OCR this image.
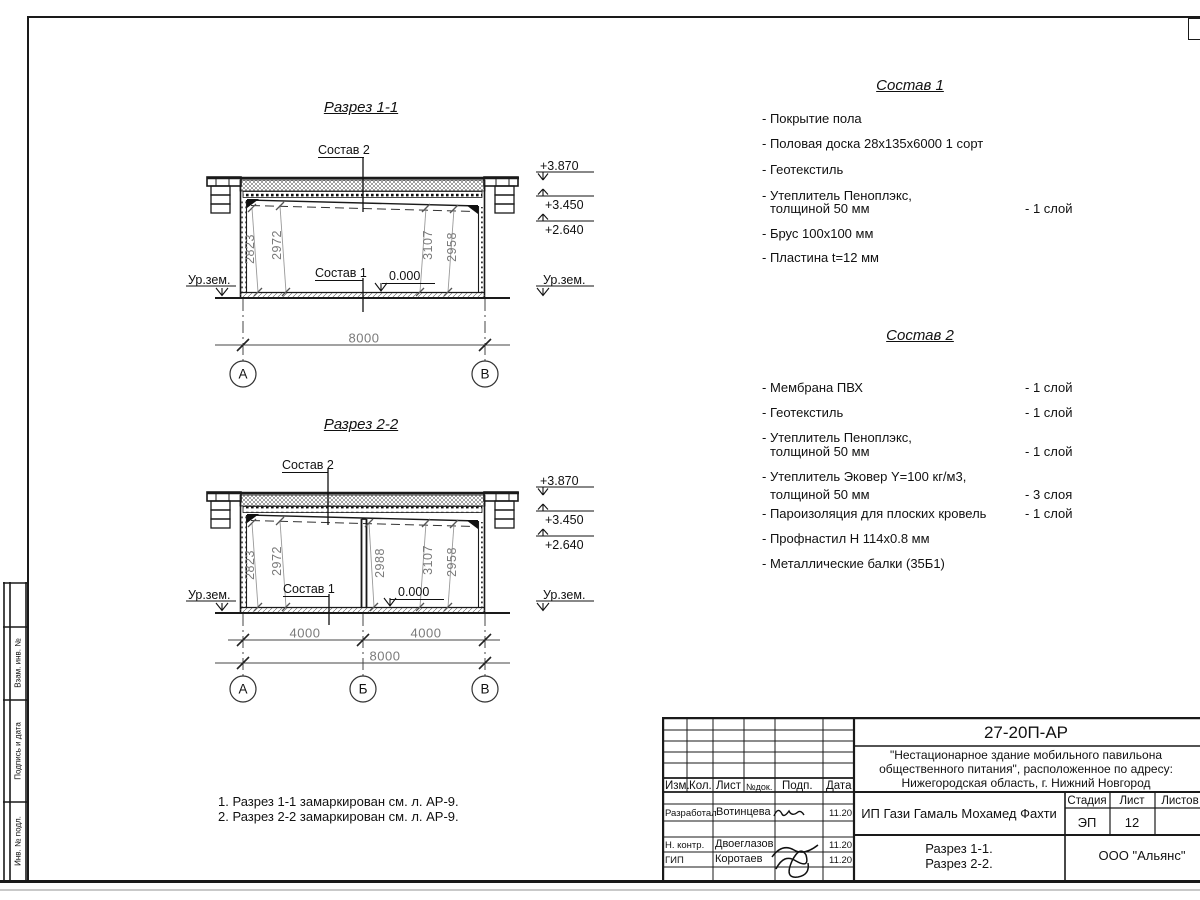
Разрез 1-1
Состав 2
Состав 1	0.000
+3.870
+3.450
+2.640
Ур.зем.	Ур.зем.
2823 2972	3107 2958
8000
А	В
Разрез 2-2
Состав 2
Состав 1	0.000
+3.870
+3.450
+2.640
Ур.зем.	Ур.зем.
2823 2972	2988	3107 2958
4000	4000
8000
А	Б	В
Состав 1
- Покрытие пола
- Половая доска 28х135х6000 1 сорт
- Геотекстиль
- Утеплитель Пеноплэкс,
толщиной 50 мм	- 1 слой
- Брус 100х100 мм
- Пластина t=12 мм
Состав 2
- Мембрана ПВХ	- 1 слой
- Геотекстиль	- 1 слой
- Утеплитель Пеноплэкс,
толщиной 50 мм	- 1 слой
- Утеплитель Эковер Y=100 кг/м3,
толщиной 50 мм	- 3 слоя
- Пароизоляция для плоских кровель	- 1 слой
- Профнастил Н 114х0.8 мм
- Металлические балки (35Б1)
1. Разрез 1-1 замаркирован см. л. АР-9.
2. Разрез 2-2 замаркирован см. л. АР-9.
Изм. Кол. Лист №док. Подп. Дата
Разработал Вотинцева	11.20
Н. контр. Двоеглазов	11.20
ГИП	Коротаев	11.20
27-20П-АР
"Нестационарное здание мобильного павильона
общественного питания", расположенное по адресу:
Нижегородская область, г. Нижний Новгород
ИП Гази Гамаль Мохамед Фахти
Стадия Лист Листов
ЭП 12
Разрез 1-1.
Разрез 2-2.
ООО "Альянс"
Взам. инв. №
Подпись и дата
Инв. № подл.
